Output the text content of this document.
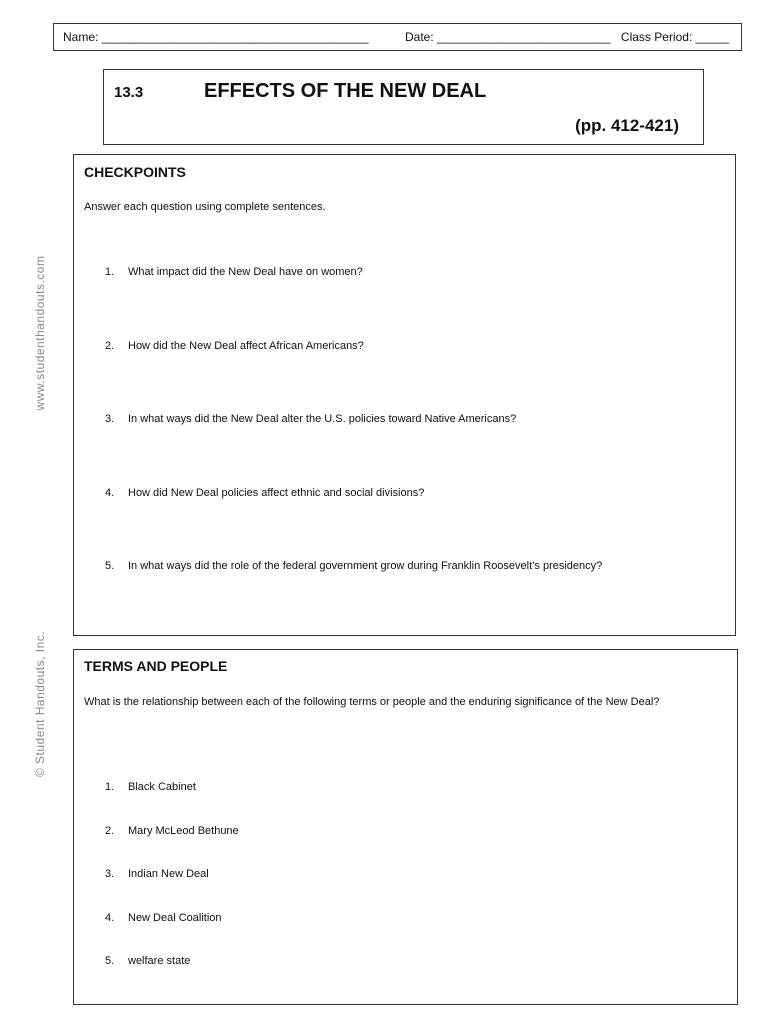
www.studenthandouts.com
© Student Handouts, Inc.
Name: ________________________________________	Date: __________________________ Class Period: _____
13.3	EFFECTS OF THE NEW DEAL
(pp. 412-421)
CHECKPOINTS
Answer each question using complete sentences.
1. What impact did the New Deal have on women?
2. How did the New Deal affect African Americans?
3. In what ways did the New Deal alter the U.S. policies toward Native Americans?
4. How did New Deal policies affect ethnic and social divisions?
5. In what ways did the role of the federal government grow during Franklin Roosevelt’s presidency?
TERMS AND PEOPLE
What is the relationship between each of the following terms or people and the enduring significance of the New Deal?
1. Black Cabinet
2. Mary McLeod Bethune
3. Indian New Deal
4. New Deal Coalition
5. welfare state
